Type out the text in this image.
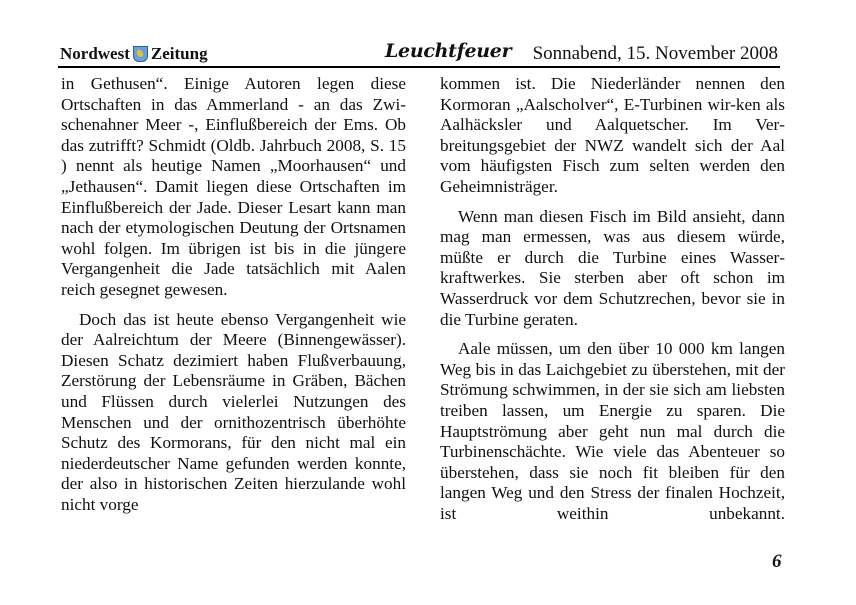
Nordwest Zeitung	Leuchtfeuer Sonnabend, 15. November 2008

in Gethusen“. Einige Autoren legen diese Ortschaften in das Ammerland - an das Zwischenahner Meer -, Einflußbereich der Ems. Ob das zutrifft? Schmidt (Oldb. Jahrbuch 2008, S. 15 ) nennt als heutige Namen „Moorhausen“ und „Jethausen“. Damit liegen diese Ortschaften im Einflußbereich der Jade. Dieser Lesart kann man nach der etymologischen Deutung der Ortsnamen wohl folgen. Im übrigen ist bis in die jüngere Vergangenheit die Jade tatsächlich mit Aalen reich gesegnet gewesen.

Doch das ist heute ebenso Vergangenheit wie der Aalreichtum der Meere (Binnengewässer). Diesen Schatz dezimiert haben Flußverbauung, Zerstörung der Lebensräume in Gräben, Bächen und Flüssen durch vielerlei Nutzungen des Menschen und der ornithozentrisch überhöhte Schutz des Kormorans, für den nicht mal ein niederdeutscher Name gefunden werden konnte, der also in historischen Zeiten hierzulande wohl nicht vorge

kommen ist. Die Niederländer nennen den Kormoran „Aalscholver“, E-Turbinen wir-ken als Aalhäcksler und Aalquetscher. Im Verbreitungsgebiet der NWZ wandelt sich der Aal vom häufigsten Fisch zum selten werden den Geheimnisträger.

Wenn man diesen Fisch im Bild ansieht, dann mag man ermessen, was aus diesem würde, müßte er durch die Turbine eines Wasserkraftwerkes. Sie sterben aber oft schon im Wasserdruck vor dem Schutzrechen, bevor sie in die Turbine geraten.

Aale müssen, um den über 10 000 km langen Weg bis in das Laichgebiet zu überstehen, mit der Strömung schwimmen, in der sie sich am liebsten treiben lassen, um Energie zu sparen. Die Hauptströmung aber geht nun mal durch die Turbinenschächte. Wie viele das Abenteuer so überstehen, dass sie noch fit bleiben für den langen Weg und den Stress der finalen Hochzeit, ist weithin unbekannt.

6
